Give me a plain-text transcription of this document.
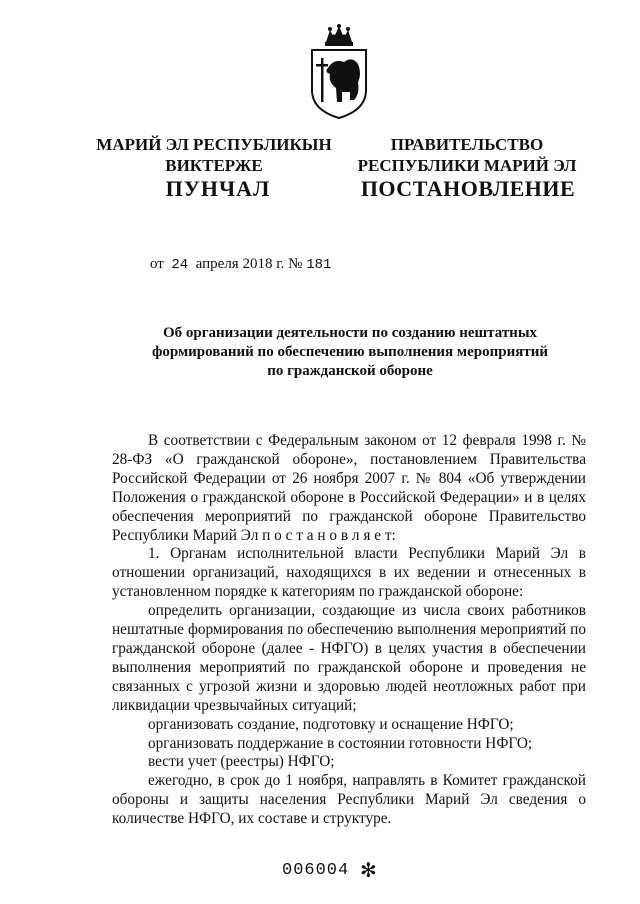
МАРИЙ ЭЛ РЕСПУБЛИКЫН
ВИКТЕРЖЕ
ПРАВИТЕЛЬСТВО
РЕСПУБЛИКИ МАРИЙ ЭЛ
ПУНЧАЛ	ПОСТАНОВЛЕНИЕ
от 24 апреля 2018 г. № 181
Об организации деятельности по созданию нештатных формирований по обеспечению выполнения мероприятий по гражданской обороне

В соответствии с Федеральным законом от 12 февраля 1998 г. № 28-ФЗ «О гражданской обороне», постановлением Правительства Российской Федерации от 26 ноября 2007 г. № 804 «Об утверждении Положения о гражданской обороне в Российской Федерации» и в целях обеспечения мероприятий по гражданской обороне Правительство Республики Марий Эл п о с т а н о в л я е т:

1. Органам исполнительной власти Республики Марий Эл в отношении организаций, находящихся в их ведении и отнесенных в установленном порядке к категориям по гражданской обороне:

определить организации, создающие из числа своих работников нештатные формирования по обеспечению выполнения мероприятий по гражданской обороне (далее - НФГО) в целях участия в обеспечении выполнения мероприятий по гражданской обороне и проведения не связанных с угрозой жизни и здоровью людей неотложных работ при ликвидации чрезвычайных ситуаций;

организовать создание, подготовку и оснащение НФГО;

организовать поддержание в состоянии готовности НФГО;

вести учет (реестры) НФГО;

ежегодно, в срок до 1 ноября, направлять в Комитет гражданской обороны и защиты населения Республики Марий Эл сведения о количестве НФГО, их составе и структуре.

006004 ✻
